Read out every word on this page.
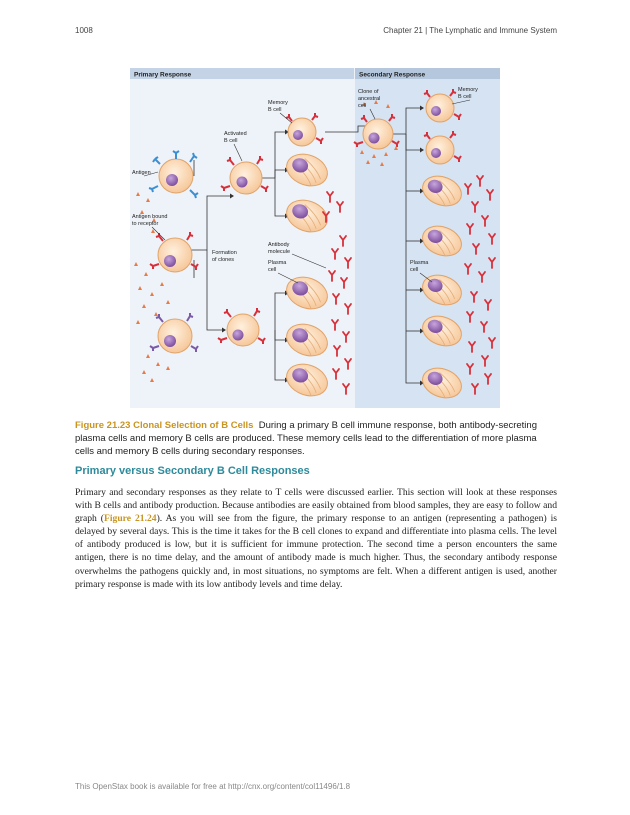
1008	Chapter 21 | The Lymphatic and Immune System
Primary Response	Secondary Response
Antigen
Antigen bound
to receptor
Activated
B cell
Memory
B cell
Formation
of clones
Antibody
molecule
Plasma
cell
Clone of
ancestral
cell
Memory
B cell
Plasma
cell
Figure 21.23 Clonal Selection of B Cells During a primary B cell immune response, both antibody-secreting plasma cells and memory B cells are produced. These memory cells lead to the differentiation of more plasma cells and memory B cells during secondary responses.
Primary versus Secondary B Cell Responses
Primary and secondary responses as they relate to T cells were discussed earlier. This section will look at these responses with B cells and antibody production. Because antibodies are easily obtained from blood samples, they are easy to follow and graph (Figure 21.24). As you will see from the figure, the primary response to an antigen (representing a pathogen) is delayed by several days. This is the time it takes for the B cell clones to expand and differentiate into plasma cells. The level of antibody produced is low, but it is sufficient for immune protection. The second time a person encounters the same antigen, there is no time delay, and the amount of antibody made is much higher. Thus, the secondary antibody response overwhelms the pathogens quickly and, in most situations, no symptoms are felt. When a different antigen is used, another primary response is made with its low antibody levels and time delay.
This OpenStax book is available for free at http://cnx.org/content/col11496/1.8
